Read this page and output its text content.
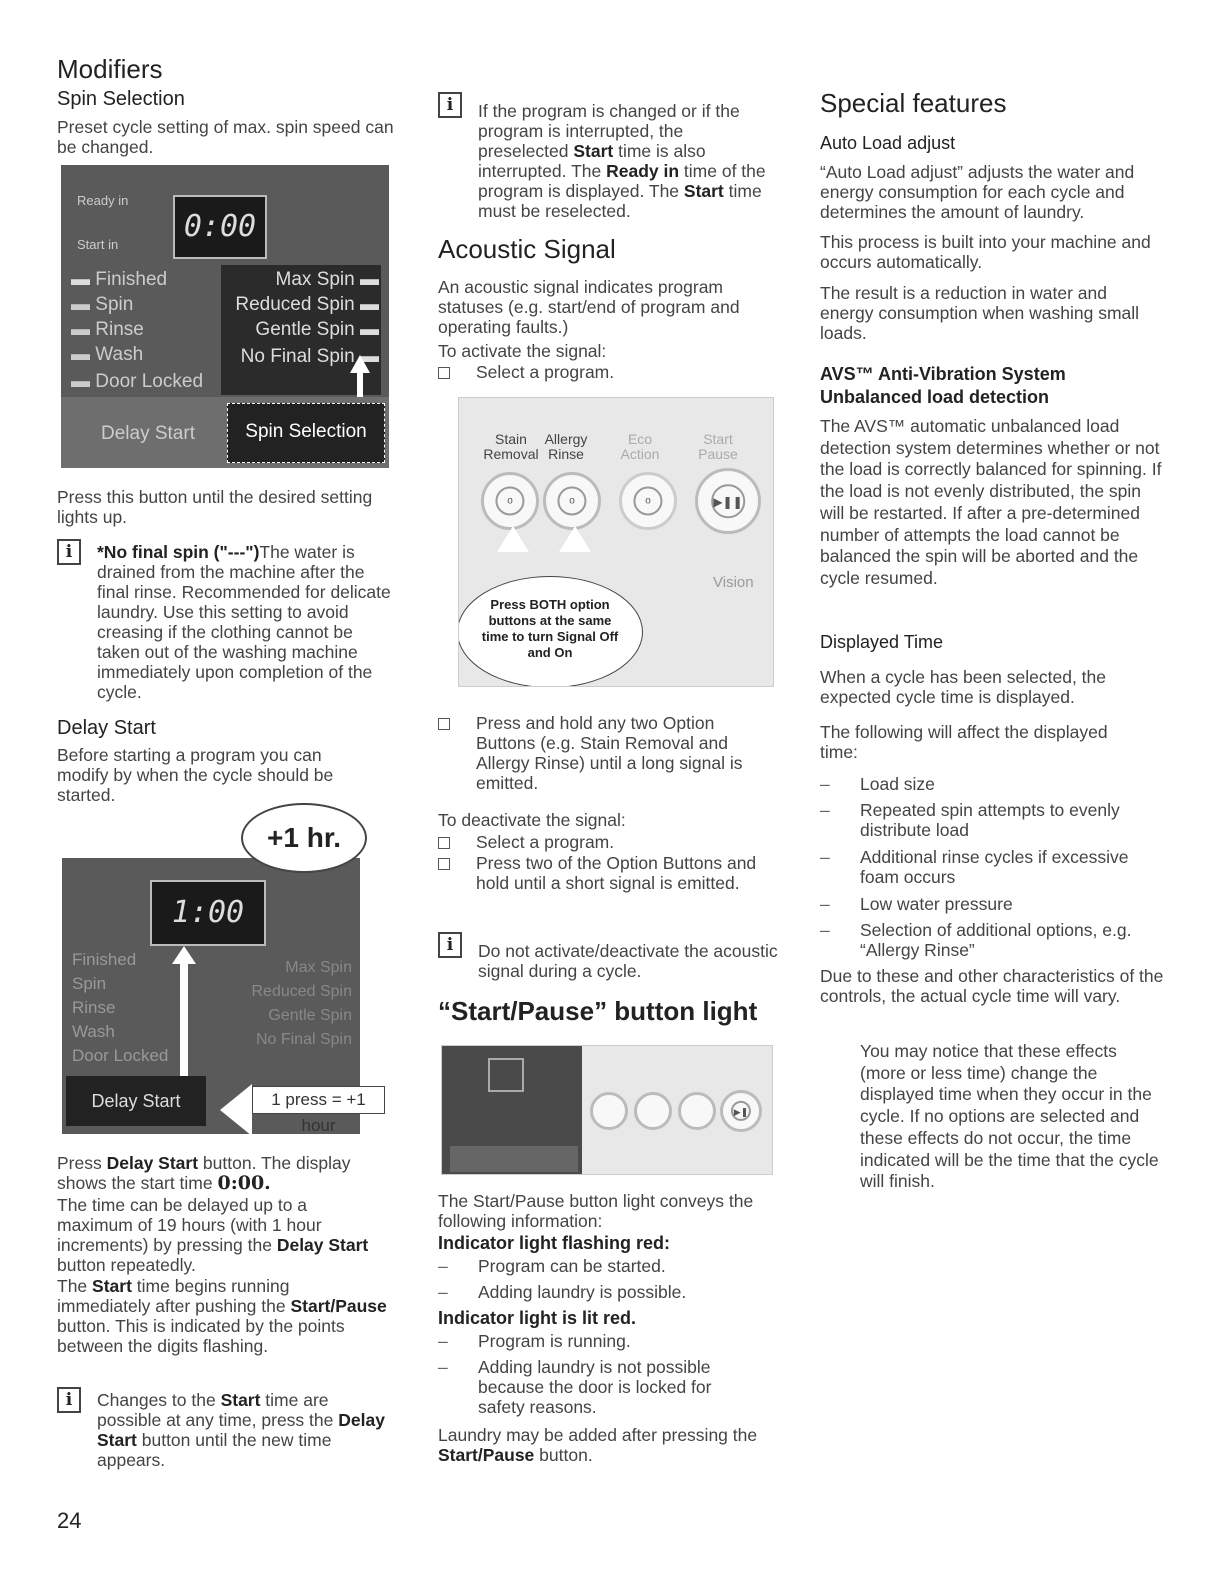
Modifiers
Spin Selection

Preset cycle setting of max. spin speed can be changed.

Ready in
Start in
0:00
▬ Finished
▬ Spin
▬ Rinse
▬ Wash
▬ Door Locked
Max Spin ▬
Reduced Spin ▬
Gentle Spin ▬
No Final Spin ▬
Delay Start	Spin Selection

Press this button until the desired setting lights up.

i	*No final spin ("---")The water is drained from the machine after the final rinse. Recommended for delicate laundry. Use this setting to avoid creasing if the clothing cannot be taken out of the washing machine immediately upon completion of the cycle.

Delay Start

Before starting a program you can modify by when the cycle should be started.

1:00
Finished
Spin
Rinse
Wash
Door Locked
Max Spin
Reduced Spin
Gentle Spin
No Final Spin
Delay Start	1 press = +1 hour
+1 hr.

Press Delay Start button. The display shows the start time 0:00.

The time can be delayed up to a maximum of 19 hours (with 1 hour increments) by pressing the Delay Start button repeatedly.

The Start time begins running immediately after pushing the Start/Pause button. This is indicated by the points between the digits flashing.

i	Changes to the Start time are possible at any time, press the Delay Start button until the new time appears.

24
i	If the program is changed or if the program is interrupted, the preselected Start time is also interrupted. The Ready in time of the program is displayed. The Start time must be reselected.

Acoustic Signal

An acoustic signal indicates program statuses (e.g. start/end of program and operating faults.)

To activate the signal:

Select a program.
Stain Removal
Allergy Rinse
Eco Action
Start Pause
o	o	o	▶❚❚
Vision
Press BOTH option buttons at the same time to turn Signal Off and On
Press and hold any two Option Buttons (e.g. Stain Removal and Allergy Rinse) until a long signal is emitted.

To deactivate the signal:

Select a program.
Press two of the Option Buttons and hold until a short signal is emitted.
i	Do not activate/deactivate the acoustic signal during a cycle.

“Start/Pause” button light
▶❚

The Start/Pause button light conveys the following information:

Indicator light flashing red:
–	Program can be started.
–	Adding laundry is possible.
Indicator light is lit red.
–	Program is running.
–	Adding laundry is not possible because the door is locked for safety reasons.

Laundry may be added after pressing the Start/Pause button.

Special features
Auto Load adjust

“Auto Load adjust” adjusts the water and energy consumption for each cycle and determines the amount of laundry.

This process is built into your machine and occurs automatically.

The result is a reduction in water and energy consumption when washing small loads.

AVS™ Anti-Vibration System Unbalanced load detection

The AVS™ automatic unbalanced load detection system determines whether or not the load is correctly balanced for spinning. If the load is not evenly distributed, the spin will be restarted. If after a pre-determined number of attempts the load cannot be balanced the spin will be aborted and the cycle resumed.

Displayed Time

When a cycle has been selected, the expected cycle time is displayed.

The following will affect the displayed time:

–	Load size
–	Repeated spin attempts to evenly distribute load
–	Additional rinse cycles if excessive foam occurs
–	Low water pressure
–	Selection of additional options, e.g. “Allergy Rinse”

Due to these and other characteristics of the controls, the actual cycle time will vary.

You may notice that these effects (more or less time) change the displayed time when they occur in the cycle. If no options are selected and these effects do not occur, the time indicated will be the time that the cycle will finish.
